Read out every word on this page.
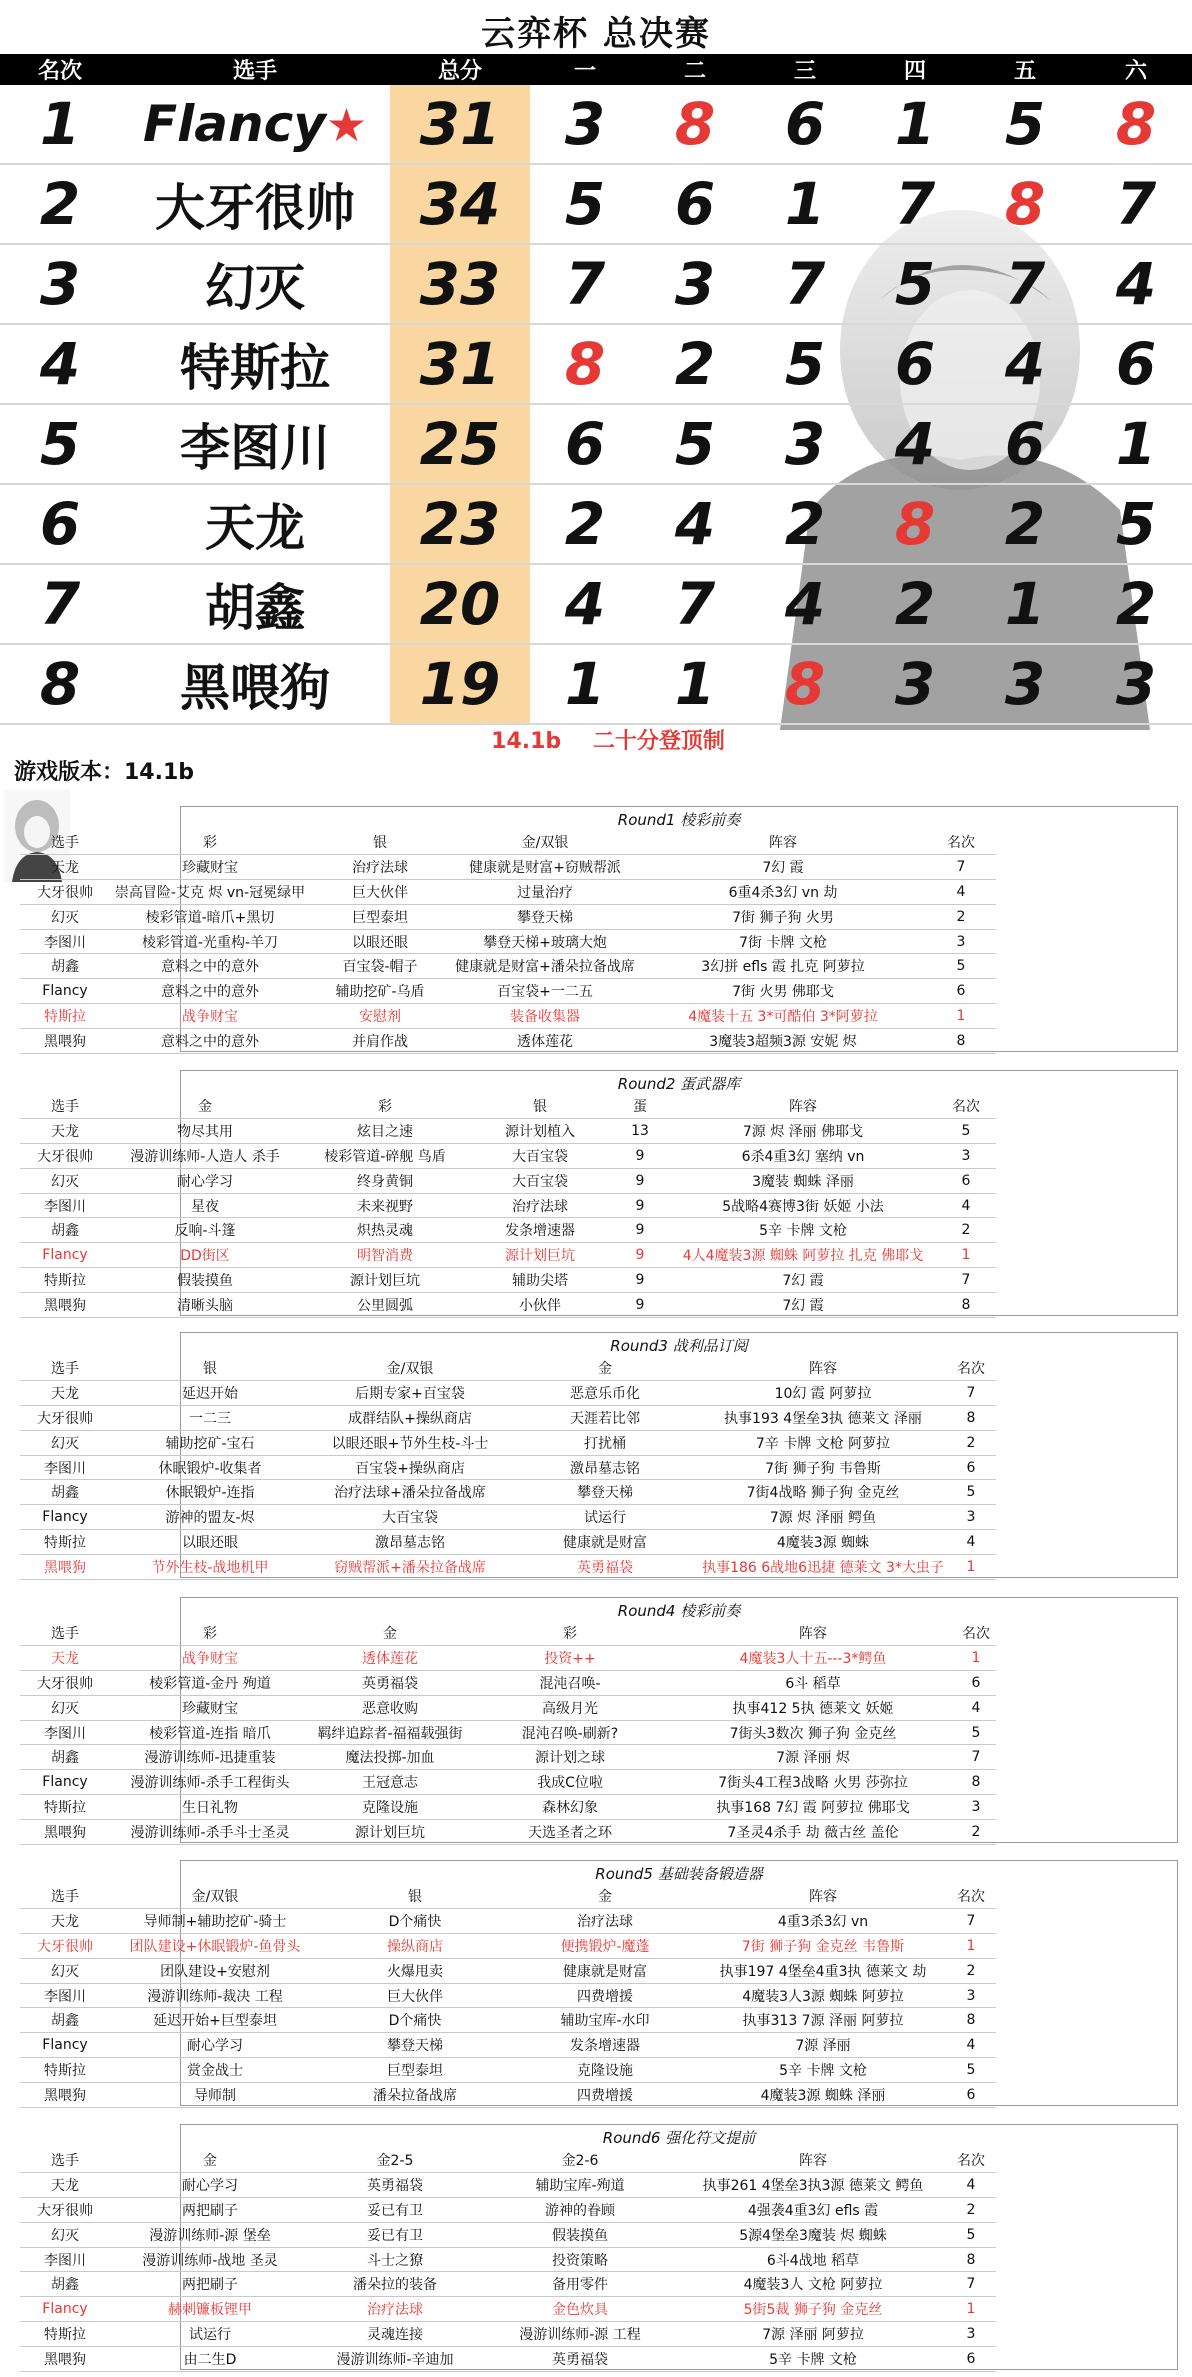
云弈杯 总决赛
名次	选手	总分	一	二	三	四	五	六
1	Flancy★	31	3	8	6	1	5	8
2	大牙很帅	34	5	6	1	7	8	7
3	幻灭	33	7	3	7	5	7	4
4	特斯拉	31	8	2	5	6	4	6
5	李图川	25	6	5	3	4	6	1
6	天龙	23	2	4	2	8	2	5
7	胡鑫	20	4	7	4	2	1	2
8	黑喂狗	19	1	1	8	3	3	3
14.1b 二十分登顶制
游戏版本：14.1b
Round1 棱彩前奏
Round2 蛋武器库
Round3 战利品订阅
Round4 棱彩前奏
Round5 基础装备锻造器
Round6 强化符文提前
选手	彩	银	金/双银	阵容	名次
天龙	珍藏财宝	治疗法球	健康就是财富+窃贼帮派	7幻 霞	7
大牙很帅	崇高冒险-艾克 烬 vn-冠冕绿甲	巨大伙伴	过量治疗	6重4杀3幻 vn 劫	4
幻灭	棱彩管道-暗爪+黑切	巨型泰坦	攀登天梯	7街 狮子狗 火男	2
李图川	棱彩管道-光重构-羊刀	以眼还眼	攀登天梯+玻璃大炮	7街 卡牌 文枪	3
胡鑫	意料之中的意外	百宝袋-帽子	健康就是财富+潘朵拉备战席	3幻拼 efls 霞 扎克 阿萝拉	5
Flancy	意料之中的意外	辅助挖矿-乌盾	百宝袋+一二五	7街 火男 佛耶戈	6
特斯拉	战争财宝	安慰剂	装备收集器	4魔装十五 3*可酷伯 3*阿萝拉	1
黑喂狗	意料之中的意外	并肩作战	透体莲花	3魔装3超频3源 安妮 烬	8
选手	金	彩	银	蛋	阵容	名次
天龙	物尽其用	炫目之速	源计划植入	13	7源 烬 泽丽 佛耶戈	5
大牙很帅	漫游训练师-人造人 杀手	棱彩管道-碎舰 鸟盾	大百宝袋	9	6杀4重3幻 塞纳 vn	3
幻灭	耐心学习	终身黄铜	大百宝袋	9	3魔装 蜘蛛 泽丽	6
李图川	星夜	未来视野	治疗法球	9	5战略4赛博3街 妖姬 小法	4
胡鑫	反响-斗篷	炽热灵魂	发条增速器	9	5辛 卡牌 文枪	2
Flancy	DD街区	明智消费	源计划巨坑	9	4人4魔装3源 蜘蛛 阿萝拉 扎克 佛耶戈	1
特斯拉	假装摸鱼	源计划巨坑	辅助尖塔	9	7幻 霞	7
黑喂狗	清晰头脑	公里圆弧	小伙伴	9	7幻 霞	8
选手	银	金/双银	金	阵容	名次
天龙	延迟开始	后期专家+百宝袋	恶意乐币化	10幻 霞 阿萝拉	7
大牙很帅	一二三	成群结队+操纵商店	天涯若比邻	执事193 4堡垒3执 德莱文 泽丽	8
幻灭	辅助挖矿-宝石	以眼还眼+节外生枝-斗士	打扰桶	7辛 卡牌 文枪 阿萝拉	2
李图川	休眠锻炉-收集者	百宝袋+操纵商店	激昂墓志铭	7街 狮子狗 韦鲁斯	6
胡鑫	休眠锻炉-连指	治疗法球+潘朵拉备战席	攀登天梯	7街4战略 狮子狗 金克丝	5
Flancy	游神的盟友-烬	大百宝袋	试运行	7源 烬 泽丽 鳄鱼	3
特斯拉	以眼还眼	激昂墓志铭	健康就是财富	4魔装3源 蜘蛛	4
黑喂狗	节外生枝-战地机甲	窃贼帮派+潘朵拉备战席	英勇福袋	执事186 6战地6迅捷 德莱文 3*大虫子	1
选手	彩	金	彩	阵容	名次
天龙	战争财宝	透体莲花	投资++	4魔装3人十五---3*鳄鱼	1
大牙很帅	棱彩管道-金丹 殉道	英勇福袋	混沌召唤-	6斗 稻草	6
幻灭	珍藏财宝	恶意收购	高级月光	执事412 5执 德莱文 妖姬	4
李图川	棱彩管道-连指 暗爪	羁绊追踪者-福福载强街	混沌召唤-刷新?	7街头3数次 狮子狗 金克丝	5
胡鑫	漫游训练师-迅捷重装	魔法投掷-加血	源计划之球	7源 泽丽 烬	7
Flancy	漫游训练师-杀手工程街头	王冠意志	我成C位啦	7街头4工程3战略 火男 莎弥拉	8
特斯拉	生日礼物	克隆设施	森林幻象	执事168 7幻 霞 阿萝拉 佛耶戈	3
黑喂狗	漫游训练师-杀手斗士圣灵	源计划巨坑	天选圣者之环	7圣灵4杀手 劫 薇古丝 盖伦	2
选手	金/双银	银	金	阵容	名次
天龙	导师制+辅助挖矿-骑士	D个痛快	治疗法球	4重3杀3幻 vn	7
大牙很帅	团队建设+休眠锻炉-鱼骨头	操纵商店	便携锻炉-魔蓬	7街 狮子狗 金克丝 韦鲁斯	1
幻灭	团队建设+安慰剂	火爆甩卖	健康就是财富	执事197 4堡垒4重3执 德莱文 劫	2
李图川	漫游训练师-裁决 工程	巨大伙伴	四费增援	4魔装3人3源 蜘蛛 阿萝拉	3
胡鑫	延迟开始+巨型泰坦	D个痛快	辅助宝库-水印	执事313 7源 泽丽 阿萝拉	8
Flancy	耐心学习	攀登天梯	发条增速器	7源 泽丽	4
特斯拉	赏金战士	巨型泰坦	克隆设施	5辛 卡牌 文枪	5
黑喂狗	导师制	潘朵拉备战席	四费增援	4魔装3源 蜘蛛 泽丽	6
选手	金	金2-5	金2-6	阵容	名次
天龙	耐心学习	英勇福袋	辅助宝库-殉道	执事261 4堡垒3执3源 德莱文 鳄鱼	4
大牙很帅	两把刷子	妥已有卫	游神的眷顾	4强袭4重3幻 efls 霞	2
幻灭	漫游训练师-源 堡垒	妥已有卫	假装摸鱼	5源4堡垒3魔装 烬 蜘蛛	5
李图川	漫游训练师-战地 圣灵	斗士之獠	投资策略	6斗4战地 稻草	8
胡鑫	两把刷子	潘朵拉的装备	备用零件	4魔装3人 文枪 阿萝拉	7
Flancy	赫刺镰板锂甲	治疗法球	金色炊具	5街5裁 狮子狗 金克丝	1
特斯拉	试运行	灵魂连接	漫游训练师-源 工程	7源 泽丽 阿萝拉	3
黑喂狗	由二生D	漫游训练师-辛迪加	英勇福袋	5辛 卡牌 文枪	6
